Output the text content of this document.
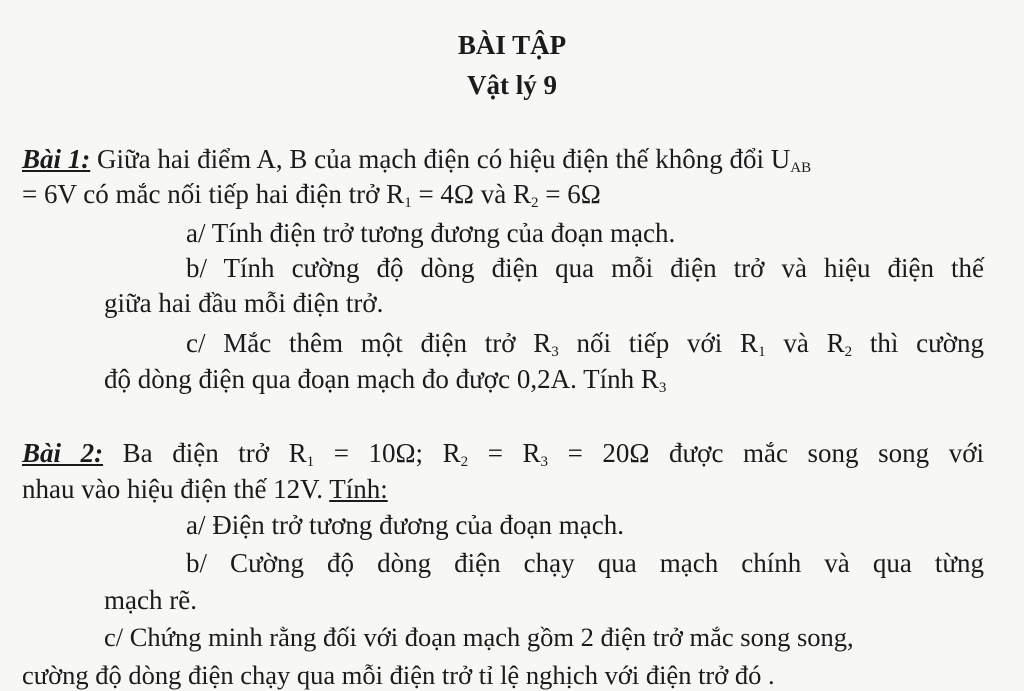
BÀI TẬP
Vật lý 9
Bài 1: Giữa hai điểm A, B của mạch điện có hiệu điện thế không đổi $U_{AB}$
= 6V có mắc nối tiếp hai điện trở $R_1 = 4\Omega$ và $R_2 = 6\Omega$
a/ Tính điện trở tương đương của đoạn mạch.
b/ Tính cường độ dòng điện qua mỗi điện trở và hiệu điện thế
giữa hai đầu mỗi điện trở.
c/ Mắc thêm một điện trở $R_3$ nối tiếp với $R_1$ và $R_2$ thì cường
độ dòng điện qua đoạn mạch đo được 0,2A. Tính $R_3$
Bài 2: Ba điện trở $R_1 = 10\Omega$; $R_2 = R_3 = 20\Omega$ được mắc song song với
nhau vào hiệu điện thế 12V. Tính:
a/ Điện trở tương đương của đoạn mạch.
b/ Cường độ dòng điện chạy qua mạch chính và qua từng
mạch rẽ.
c/ Chứng minh rằng đối với đoạn mạch gồm 2 điện trở mắc song song,
cường độ dòng điện chạy qua mỗi điện trở tỉ lệ nghịch với điện trở đó .
